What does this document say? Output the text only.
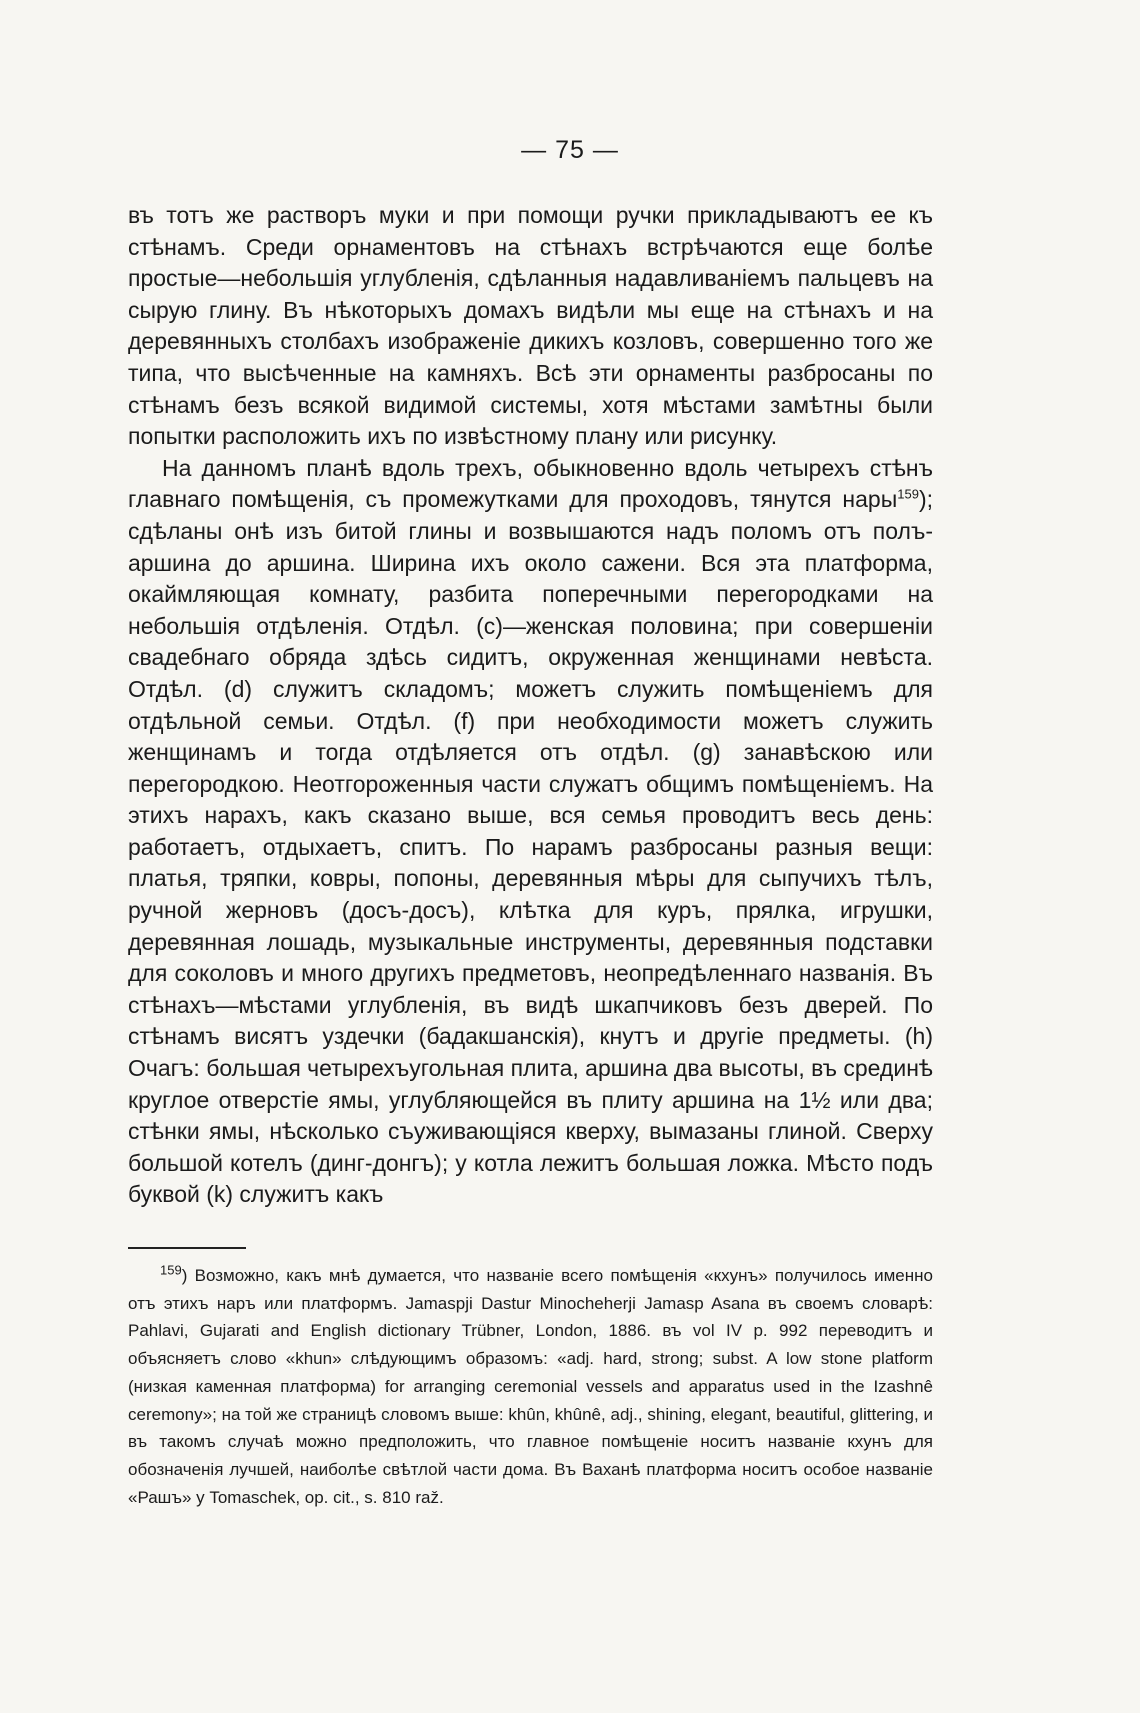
— 75 —

въ тотъ же растворъ муки и при помощи ручки прикладываютъ ее къ стѣнамъ. Среди орнаментовъ на стѣнахъ встрѣчаются еще болѣе простые—небольшія углубленія, сдѣланныя надавливаніемъ пальцевъ на сырую глину. Въ нѣкоторыхъ домахъ видѣли мы еще на стѣнахъ и на деревянныхъ столбахъ изображеніе дикихъ козловъ, совершенно того же типа, что высѣченные на камняхъ. Всѣ эти орнаменты разбросаны по стѣнамъ безъ всякой видимой системы, хотя мѣстами замѣтны были попытки расположить ихъ по извѣстному плану или рисунку.

На данномъ планѣ вдоль трехъ, обыкновенно вдоль четырехъ стѣнъ главнаго помѣщенія, съ промежутками для проходовъ, тянутся нары$^{159}$); сдѣланы онѣ изъ битой глины и возвышаются надъ поломъ отъ полъ-аршина до аршина. Ширина ихъ около сажени. Вся эта платформа, окаймляющая комнату, разбита поперечными перегородками на небольшія отдѣленія. Отдѣл. (c)—женская половина; при совершеніи свадебнаго обряда здѣсь сидитъ, окруженная женщинами невѣста. Отдѣл. (d) служитъ складомъ; можетъ служить помѣщеніемъ для отдѣльной семьи. Отдѣл. (f) при необходимости можетъ служить женщинамъ и тогда отдѣляется отъ отдѣл. (g) занавѣскою или перегородкою. Неотгороженныя части служатъ общимъ помѣщеніемъ. На этихъ нарахъ, какъ сказано выше, вся семья проводитъ весь день: работаетъ, отдыхаетъ, спитъ. По нарамъ разбросаны разныя вещи: платья, тряпки, ковры, попоны, деревянныя мѣры для сыпучихъ тѣлъ, ручной жерновъ (досъ-досъ), клѣтка для куръ, прялка, игрушки, деревянная лошадь, музыкальные инструменты, деревянныя подставки для соколовъ и много другихъ предметовъ, неопредѣленнаго названія. Въ стѣнахъ—мѣстами углубленія, въ видѣ шкапчиковъ безъ дверей. По стѣнамъ висятъ уздечки (бадакшанскія), кнутъ и другіе предметы. (h) Очагъ: большая четырехъугольная плита, аршина два высоты, въ срединѣ круглое отверстіе ямы, углубляющейся въ плиту аршина на 1½ или два; стѣнки ямы, нѣсколько съуживающіяся кверху, вымазаны глиной. Сверху большой котелъ (динг-донгъ); у котла лежитъ большая ложка. Мѣсто подъ буквой (k) служитъ какъ

$^{159}$) Возможно, какъ мнѣ думается, что названіе всего помѣщенія «кхунъ» получилось именно отъ этихъ наръ или платформъ. Jamaspji Dastur Minocheherji Jamasp Asana въ своемъ словарѣ: Pahlavi, Gujarati and English dictionary Trübner, London, 1886. въ vol IV p. 992 переводитъ и объясняетъ слово «khun» слѣдующимъ образомъ: «adj. hard, strong; subst. A low stone platform (низкая каменная платформа) for arranging ceremonial vessels and apparatus used in the Izashnê ceremony»; на той же страницѣ словомъ выше: khûn, khûnê, adj., shining, elegant, beautiful, glittering, и въ такомъ случаѣ можно предположить, что главное помѣщеніе носитъ названіе кхунъ для обозначенія лучшей, наиболѣе свѣтлой части дома. Въ Ваханѣ платформа носитъ особое названіе «Рашъ» у Tomaschek, op. cit., s. 810 raž.
